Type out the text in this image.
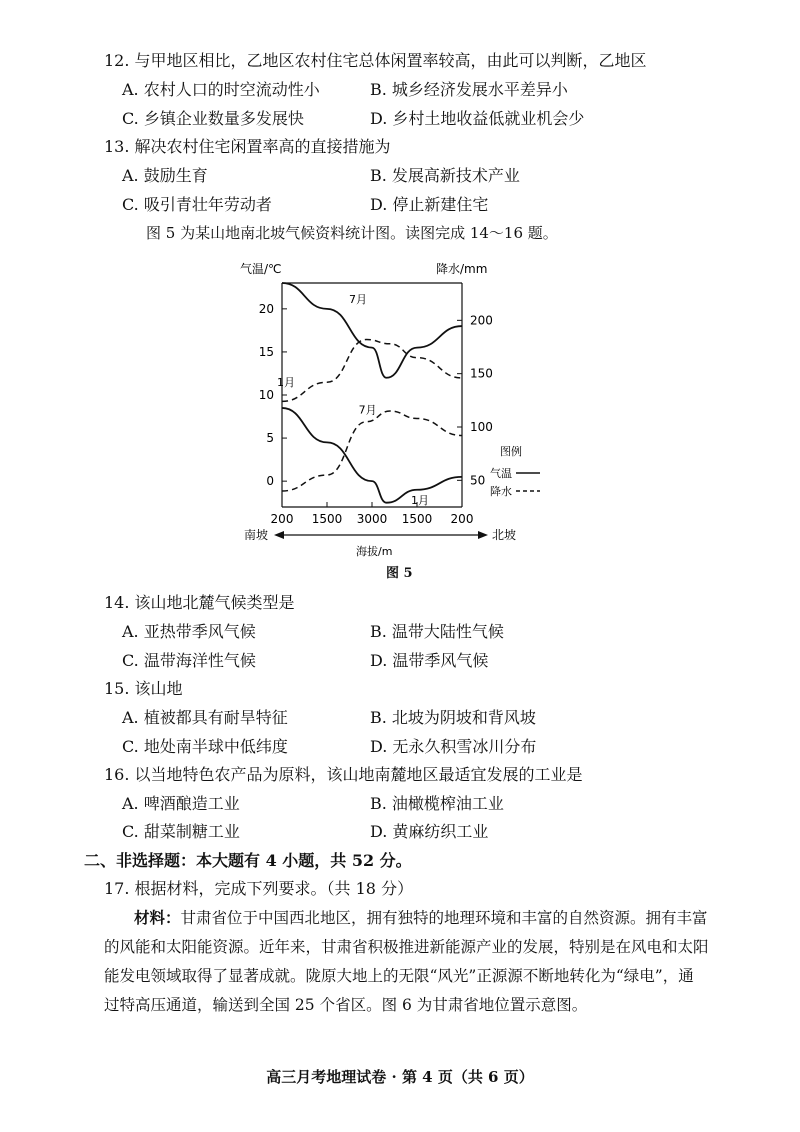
12. 与甲地区相比，乙地区农村住宅总体闲置率较高，由此可以判断，乙地区
A. 农村人口的时空流动性小	B. 城乡经济发展水平差异小
C. 乡镇企业数量多发展快	D. 乡村土地收益低就业机会少
13. 解决农村住宅闲置率高的直接措施为
A. 鼓励生育	B. 发展高新技术产业
C. 吸引青壮年劳动者	D. 停止新建住宅
图 5 为某山地南北坡气候资料统计图。读图完成 14～16 题。
气温/℃	降水/mm
0
5
10
15
20
50
100
150
200
200 1500 3000 1500 200
7月
1月
7月
1月
南坡	北坡
海拔/m
图例
气温
降水
图 5
14. 该山地北麓气候类型是
A. 亚热带季风气候	B. 温带大陆性气候
C. 温带海洋性气候	D. 温带季风气候
15. 该山地
A. 植被都具有耐旱特征	B. 北坡为阴坡和背风坡
C. 地处南半球中低纬度	D. 无永久积雪冰川分布
16. 以当地特色农产品为原料，该山地南麓地区最适宜发展的工业是
A. 啤酒酿造工业	B. 油橄榄榨油工业
C. 甜菜制糖工业	D. 黄麻纺织工业
二、非选择题：本大题有 4 小题，共 52 分。
17. 根据材料，完成下列要求。（共 18 分）
材料：甘肃省位于中国西北地区，拥有独特的地理环境和丰富的自然资源。拥有丰富
的风能和太阳能资源。近年来，甘肃省积极推进新能源产业的发展，特别是在风电和太阳
能发电领域取得了显著成就。陇原大地上的无限“风光”正源源不断地转化为“绿电”，通
过特高压通道，输送到全国 25 个省区。图 6 为甘肃省地位置示意图。
高三月考地理试卷 · 第 4 页（共 6 页）
